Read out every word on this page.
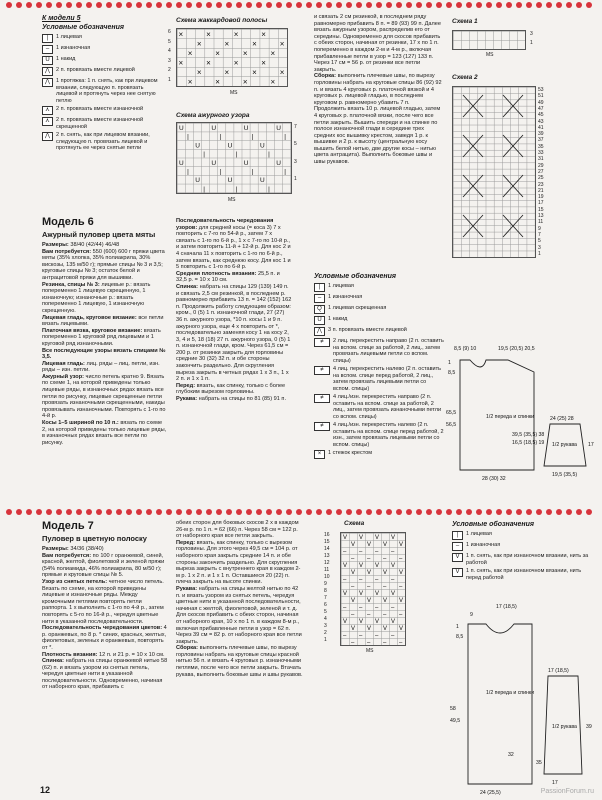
К модели 5
Условные обозначения
|	1 лицевая
–	1 изнаночная
U	1 накид
⋀	2 п. провязать вместе лицевой
⋀	1 протяжка: 1 п. снять, как при лицевом вязании, следующую п. провязать лицевой и протянуть через нее снятую петлю
⋏	2 п. провязать вместе изнаночной
⋏	2 п. провязать вместе изнаночной скрещенной
⋀	2 п. снять, как при лицевом вязании, следующую п. провязать лицевой и протянуть ее через снятые петли
Схема жаккардовой полосы
×	×	×	×
×	×	×	×
×	×	×	×
×	×	×	×
×	×	×	×
×	×	×	×
6
5
4
3
2
1
MS
Схема ажурного узора
U	U	U	U
|	|	|	|
U	U	U
|	|	|
U	U	U	U
|	|	|	|
U	U	U
|	|	|
7
5
3
1
MS
Модель 6
Ажурный пуловер цвета мяты

Размеры: 38/40 (42/44) 46/48

Вам потребуется: 550 (600) 600 г пряжи цвета мяты (35% хлопка, 35% полиакрила, 30% вискозы, 135 м/50 г); прямые спицы № 3 и 3,5; круговые спицы № 3; остаток белой и антрацитовой пряжи для вышивки.

Резинка, спицы № 3: лицевые р.: вязать попеременно 1 лицевую скрещенную, 1 изнаночную; изнаночные р.: вязать попеременно 1 лицевую, 1 изнаночную скрещенную.

Лицевая гладь, круговое вязание: все петли вязать лицевыми.

Платочная вязка, круговое вязание: вязать попеременно 1 круговой ряд лицевыми и 1 круговой ряд изнаночными.

Все последующие узоры вязать спицами № 3,5.

Лицевая гладь: лиц. ряды – лиц. петли, изн. ряды – изн. петли.

Ажурный узор: число петель кратно 9. Вязать по схеме 1, на которой приведены только лицевые ряды, в изнаночных рядах вязать все петли по рисунку, лицевые скрещенные петли провязать изнаночными скрещенными, накиды провязывать изнаночными. Повторять с 1-го по 4-й р.

Косы 1–5 шириной по 10 п.: вязать по схеме 2, на которой приведены только лицевые ряды, в изнаночных рядах вязать все петли по рисунку.

Последовательность чередования узоров: для средней косы (= коса 3) 7 х повторить с 7-го по 54-й р., затем 7 х связать с 1-го по 6-й р., 1 х с 7-го по 10-й р., и затем повторить 11-й + 12-й р. Для кос 2 и 4 сначала 11 х повторить с 1-го по 6-й р., затем вязать, как среднюю косу. Для кос 1 и 5 повторить с 1-го по 6-й р.

Средняя плотность вязания: 25,5 п. и 32,5 р. = 10 х 10 см.

Спинка: набрать на спицы 129 (139) 149 п. и связать 2,5 см резинкой, в последнем р. равномерно прибавить 13 п. = 142 (152) 162 п. Продолжить работу следующим образом: кром., 0 (5) 1 п. изнаночной глади, 27 (27) 36 п. ажурного узора, *10 п. косы 1 и 9 п. ажурного узора, еще 4 х повторить от *, последовательно заменяя косу 1 на косу 2, 3, 4 и 5, 18 (18) 27 п. ажурного узора, 0 (5) 1 п. изнаночной глади, кром. Через 61,5 см = 200 р. от резинки закрыть для горловины средние 30 (32) 32 п. и обе стороны закончить раздельно. Для скругления выреза закрыть в четных рядах 1 х 3 п., 1 х 2 п. и 1 х 1 п.

Перед: вязать, как спинку, только с более глубоким вырезом горловины.

Рукава: набрать на спицы по 81 (85) 91 п.

и связать 2 см резинкой, в последнем ряду равномерно прибавить 8 п. = 89 (93) 99 п. Далее вязать ажурным узором, распределив его от середины. Одновременно для скосов прибавить с обеих сторон, начиная от резинки, 17 х по 1 п. попеременно в каждом 2-м и 4-м р., включая прибавленные петли в узор = 123 (127) 133 п. Через 17 см = 56 р. от резинки все петли закрыть.

Сборка: выполнить плечевые швы, по вырезу горловины набрать на круговые спицы 86 (92) 92 п. и вязать 4 круговых р. платочной вязкой и 4 круговых р. лицевой гладью, в последнем круговом р. равномерно убавить 7 п. Продолжить вязать 10 р. лицевой гладью, затем 4 круговых р. платочной вязки, после чего все петли закрыть. Вышить спереди и на спинке по полосе изнаночной глади в середине трех средних кос вышивку крестом, заведя 1 р. к вышивке и 2 р. к высоту (центральную косу вышить белой нитью, две другие косы – нитью цвета антрацита). Выполнить боковые швы и швы рукавов.

Схема 1
3
1
MS
Схема 2
53
51
49
47
45
43
41
39
37
35
33
31
29
27
25
23
21
19
17
15
13
11
9
7
5
3
1
Условные обозначения
|	1 лицевая
–	1 изнаночная
Q	1 лицевая скрещенная
U	1 накид
⋀	3 п. провязать вместе лицевой
≠	2 лиц. перекрестить направо (2 п. оставить на вспом. спице за работой, 2 лиц., затем провязать лицевыми петли со вспом. спицы)
≠	4 лиц. перекрестить налево (2 п. оставить на вспом. спице перед работой, 2 лиц., затем провязать лицевыми петли со вспом. спицы)
≠	4 лиц./изн. перекрестить направо (2 п. оставить на вспом. спице за работой, 2 лиц., затем провязать изнаночными петли со вспом. спицы)
≠	4 лиц./изн. перекрестить налево (2 п. оставить на вспом. спице перед работой, 2 изн., затем провязать лицевыми петли со вспом. спицы)
×	1 стежок крестом
1/2 переда и спинки
1/2 рукава
8,5 (9) 10	19,5 (20,5) 20,5
1
8,5
65,5
56,5
39,5 (35,5) 38
16,5 (18,5) 19
28 (30) 32
24 (25) 28
17
19,5 (35,5)
Модель 7
Пуловер в цветную полоску

Размеры: 34/36 (38/40)

Вам потребуется: по 100 г оранжевой, синей, красной, желтой, фиолетовой и зеленой пряжи (54% полиамида, 46% полиакрила, 80 м/50 г); прямые и круговые спицы № 5.

Узор из снятых петель: четное число петель. Вязать по схеме, на которой приведены лицевые и изнаночные ряды. Между кромочными петлями повторять петли раппорта. 1 х выполнить с 1-го по 4-й р., затем повторять с 5-го по 16-й р., чередуя цветные нити в указанной последовательности.

Последовательность чередования цветов: 4 р. оранжевых, по 8 р. * синих, красных, желтых, фиолетовых, зеленых и оранжевых, повторять от *.

Плотность вязания: 12 п. и 21 р. = 10 х 10 см.

Спинка: набрать на спицы оранжевой нитью 58 (62) п. и вязать узором из снятых петель, чередуя цветные нити в указанной последовательности. Одновременно, начиная от наборного края, прибавить с

обеих сторон для боковых скосов 2 х в каждом 26-м р. по 1 п. = 62 (66) п. Через 58 см = 122 р. от наборного края все петли закрыть.

Перед: вязать, как спинку, только с вырезом горловины. Для этого через 49,5 см = 104 р. от наборного края закрыть средние 14 п. и обе стороны закончить раздельно. Для скругления выреза закрыть с внутреннего края в каждом 2-м р. 1 х 2 п. и 1 х 1 п. Оставшиеся 20 (22) п. плеча закрыть на высоте спинки.

Рукава: набрать на спицы желтой нитью по 42 п. и вязать узором из снятых петель, чередуя цветные нити в указанной последовательности, начиная с желтой, фиолетовой, зеленой и т. д. Для скосов прибавить с обеих сторон, начиная от наборного края, 10 х по 1 п. в каждом 8-м р., включая прибавленные петли в узор = 62 п. Через 39 см = 82 р. от наборного края все петли закрыть.

Сборка: выполнить плечевые швы, по вырезу горловины набрать на круговые спицы красной нитью 56 п. и вязать 4 круговых р. изнаночными петлями, после чего все петли закрыть. Втачать рукава, выполнить боковые швы и швы рукавов.

Схема
V V V V
V V V V
– – – –
– – – –
V V V V
V V V V
– – – –
– – – –
V V V V
V V V V
– – – –
– – – –
V V V V
V V V V
– – – –
– – – –
16
15
14
13
12
11
10
9
8
7
6
5
4
3
2
1
MS
Условные обозначения
|	1 лицевая
–	1 изнаночная
V	1 п. снять, как при изнаночном вязании, нить за работой
V	1 п. снять, как при изнаночном вязании, нить перед работой
1/2 переда и спинки
1/2 рукава
9
17 (18,5)
1
8,5
58
49,5
32
17 (18,5)
24 (25,5)
17
39
35
12	PassionForum.ru
